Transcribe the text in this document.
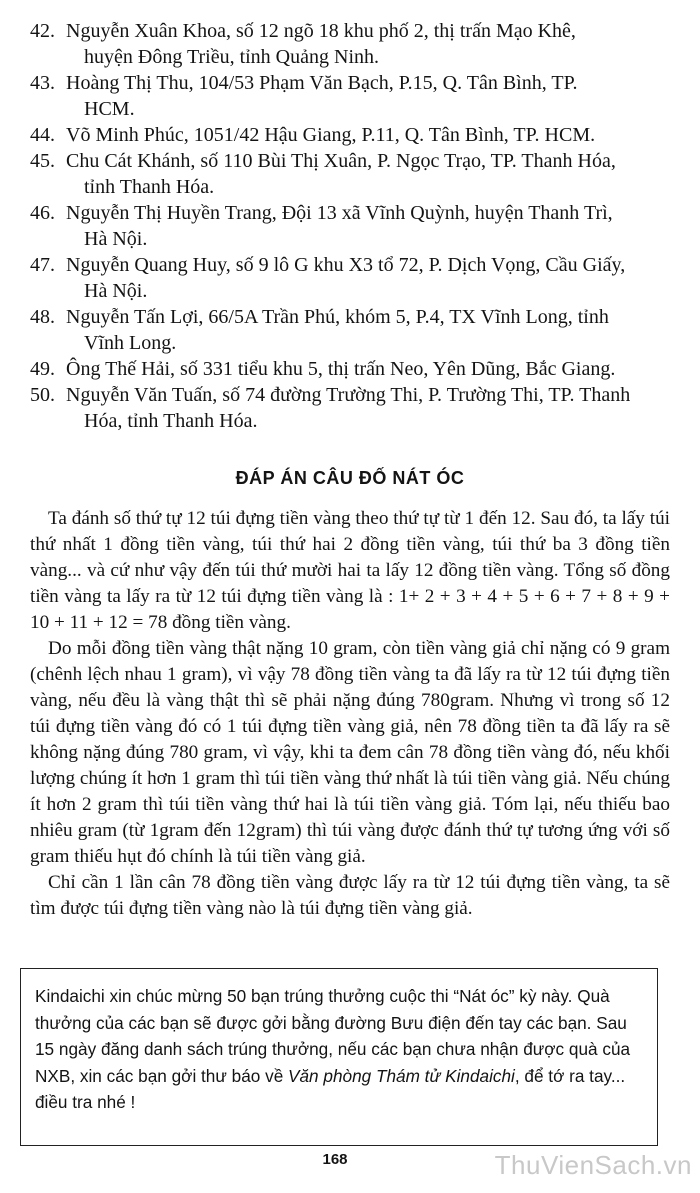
42. Nguyễn Xuân Khoa, số 12 ngõ 18 khu phố 2, thị trấn Mạo Khê,
huyện Đông Triều, tỉnh Quảng Ninh.
43. Hoàng Thị Thu, 104/53 Phạm Văn Bạch, P.15, Q. Tân Bình, TP.
HCM.
44. Võ Minh Phúc, 1051/42 Hậu Giang, P.11, Q. Tân Bình, TP. HCM.
45. Chu Cát Khánh, số 110 Bùi Thị Xuân, P. Ngọc Trạo, TP. Thanh Hóa,
tỉnh Thanh Hóa.
46. Nguyễn Thị Huyền Trang, Đội 13 xã Vĩnh Quỳnh, huyện Thanh Trì,
Hà Nội.
47. Nguyễn Quang Huy, số 9 lô G khu X3 tổ 72, P. Dịch Vọng, Cầu Giấy,
Hà Nội.
48. Nguyễn Tấn Lợi, 66/5A Trần Phú, khóm 5, P.4, TX Vĩnh Long, tỉnh
Vĩnh Long.
49. Ông Thế Hải, số 331 tiểu khu 5, thị trấn Neo, Yên Dũng, Bắc Giang.
50. Nguyễn Văn Tuấn, số 74 đường Trường Thi, P. Trường Thi, TP. Thanh
Hóa, tỉnh Thanh Hóa.
ĐÁP ÁN CÂU ĐỐ NÁT ÓC

Ta đánh số thứ tự 12 túi đựng tiền vàng theo thứ tự từ 1 đến 12. Sau đó, ta lấy túi thứ nhất 1 đồng tiền vàng, túi thứ hai 2 đồng tiền vàng, túi thứ ba 3 đồng tiền vàng... và cứ như vậy đến túi thứ mười hai ta lấy 12 đồng tiền vàng. Tổng số đồng tiền vàng ta lấy ra từ 12 túi đựng tiền vàng là : 1+ 2 + 3 + 4 + 5 + 6 + 7 + 8 + 9 + 10 + 11 + 12 = 78 đồng tiền vàng.

Do mỗi đồng tiền vàng thật nặng 10 gram, còn tiền vàng giả chỉ nặng có 9 gram (chênh lệch nhau 1 gram), vì vậy 78 đồng tiền vàng ta đã lấy ra từ 12 túi đựng tiền vàng, nếu đều là vàng thật thì sẽ phải nặng đúng 780gram. Nhưng vì trong số 12 túi đựng tiền vàng đó có 1 túi đựng tiền vàng giả, nên 78 đồng tiền ta đã lấy ra sẽ không nặng đúng 780 gram, vì vậy, khi ta đem cân 78 đồng tiền vàng đó, nếu khối lượng chúng ít hơn 1 gram thì túi tiền vàng thứ nhất là túi tiền vàng giả. Nếu chúng ít hơn 2 gram thì túi tiền vàng thứ hai là túi tiền vàng giả. Tóm lại, nếu thiếu bao nhiêu gram (từ 1gram đến 12gram) thì túi vàng được đánh thứ tự tương ứng với số gram thiếu hụt đó chính là túi tiền vàng giả.

Chỉ cần 1 lần cân 78 đồng tiền vàng được lấy ra từ 12 túi đựng tiền vàng, ta sẽ tìm được túi đựng tiền vàng nào là túi đựng tiền vàng giả.

Kindaichi xin chúc mừng 50 bạn trúng thưởng cuộc thi “Nát óc” kỳ này. Quà thưởng của các bạn sẽ được gởi bằng đường Bưu điện đến tay các bạn. Sau 15 ngày đăng danh sách trúng thưởng, nếu các bạn chưa nhận được quà của NXB, xin các bạn gởi thư báo về Văn phòng Thám tử Kindaichi, để tớ ra tay... điều tra nhé !
168	ThuVienSach.vn
